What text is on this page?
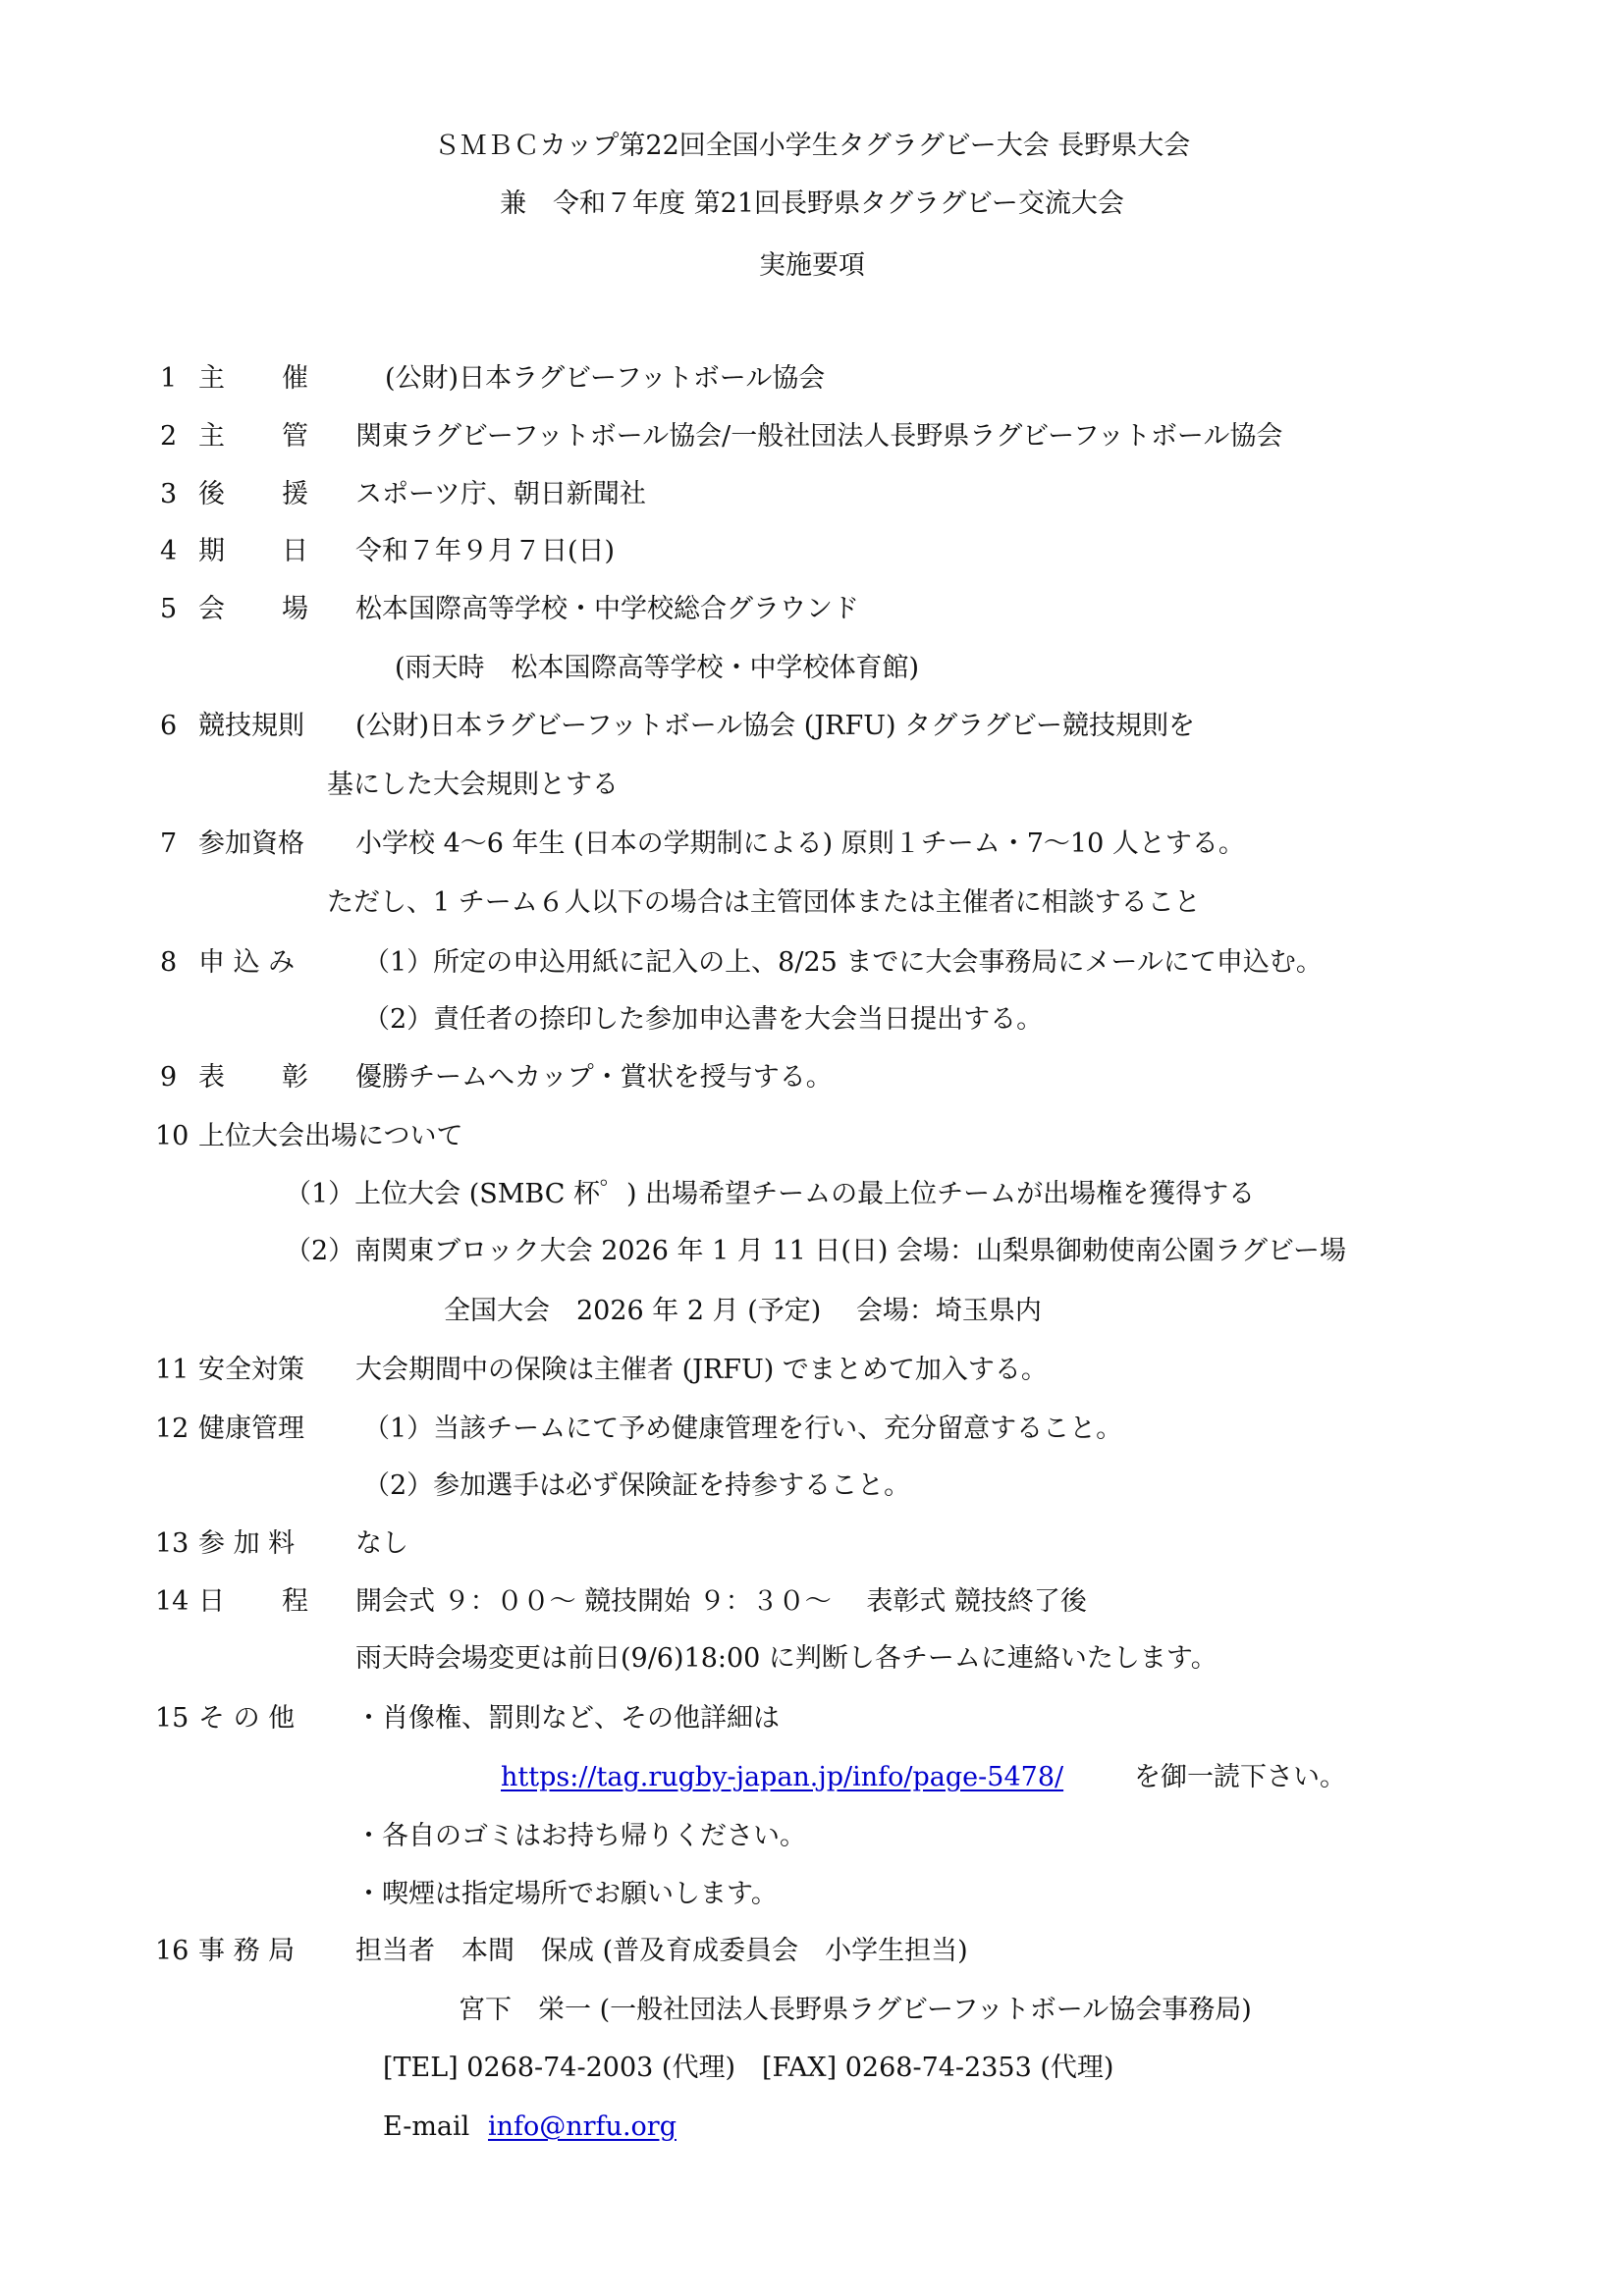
ＳＭＢＣカップ第22回全国小学生タグラグビー大会 長野県大会
兼　令和７年度 第21回長野県タグラグビー交流大会
実施要項
1 主 催	(公財)日本ラグビーフットボール協会
2 主 管 関東ラグビーフットボール協会/一般社団法人長野県ラグビーフットボール協会
3 後 援 スポーツ庁、朝日新聞社
4 期 日 令和７年９月７日(日)
5 会 場 松本国際高等学校・中学校総合グラウンド
(雨天時　松本国際高等学校・中学校体育館)
6 競技規則 (公財)日本ラグビーフットボール協会 (JRFU) タグラグビー競技規則を
基にした大会規則とする
7 参加資格 小学校 4～6 年生 (日本の学期制による) 原則１チーム・7～10 人とする。
ただし、1 チーム６人以下の場合は主管団体または主催者に相談すること
8 申 込 み	（1）所定の申込用紙に記入の上、8/25 までに大会事務局にメールにて申込む。
（2）責任者の捺印した参加申込書を大会当日提出する。
9 表 彰 優勝チームへカップ・賞状を授与する。
10 上位大会出場について
（1）上位大会 (SMBC 杯゜) 出場希望チームの最上位チームが出場権を獲得する
（2）南関東ブロック大会 2026 年 1 月 11 日(日) 会場：山梨県御勅使南公園ラグビー場
全国大会　2026 年 2 月 (予定)　 会場：埼玉県内
11 安全対策 大会期間中の保険は主催者 (JRFU) でまとめて加入する。
12 健康管理 （1）当該チームにて予め健康管理を行い、充分留意すること。
（2）参加選手は必ず保険証を持参すること。
13 参 加 料 なし
14 日 程 開会式 ９：００～ 競技開始 ９：３０～　 表彰式 競技終了後
雨天時会場変更は前日(9/6)18:00 に判断し各チームに連絡いたします。
15 そ の 他 ・肖像権、罰則など、その他詳細は
https://tag.rugby-japan.jp/info/page-5478/	を御一読下さい。
・各自のゴミはお持ち帰りください。
・喫煙は指定場所でお願いします。
16 事 務 局 担当者　本間　保成 (普及育成委員会　小学生担当)
宮下　栄一 (一般社団法人長野県ラグビーフットボール協会事務局)
[TEL] 0268-74-2003 (代理)　[FAX] 0268-74-2353 (代理)
E-mail info@nrfu.org
